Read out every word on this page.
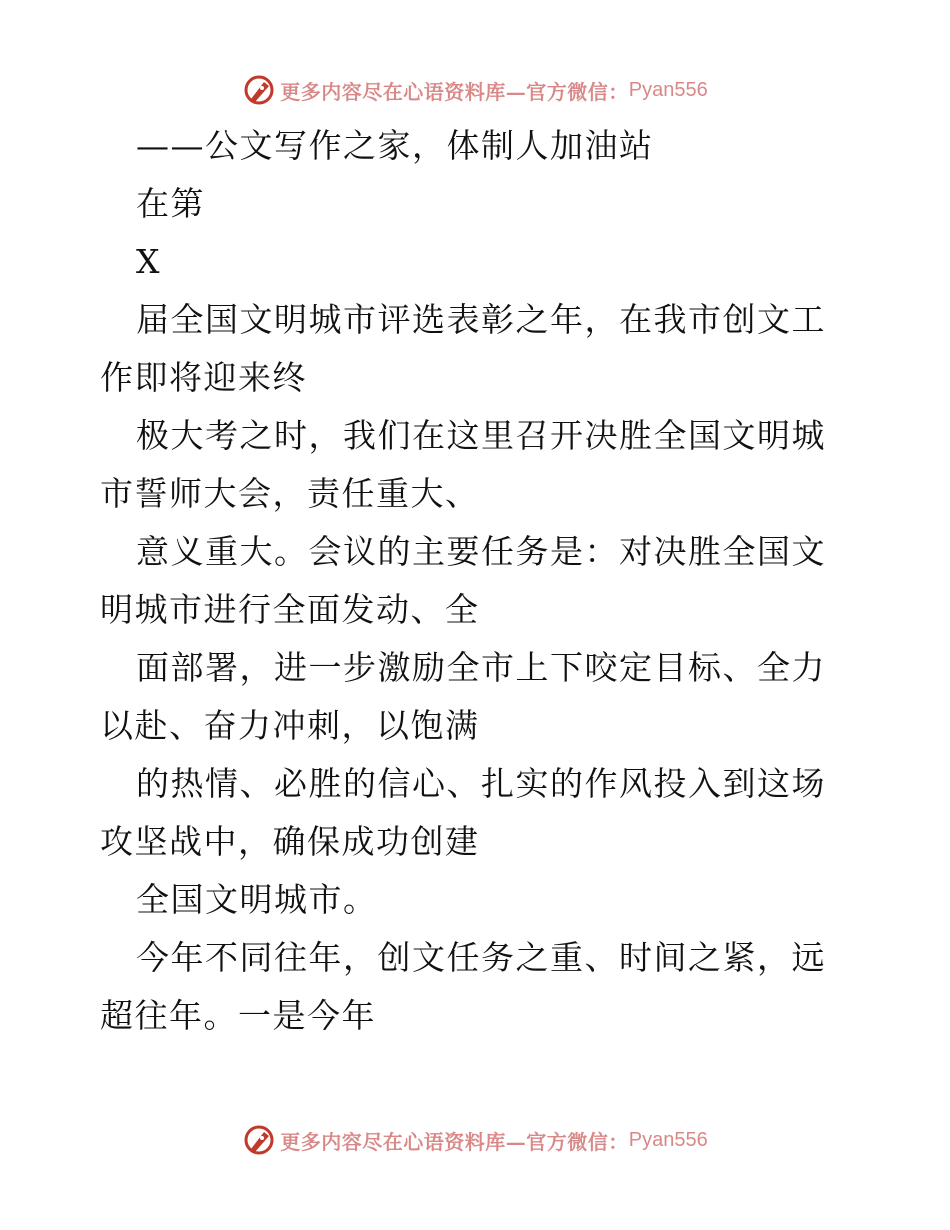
更多内容尽在心语资料库—官方微信： Pyan556

——公文写作之家，体制人加油站

在第

X

届全国文明城市评选表彰之年，在我市创文工作即将迎来终

极大考之时，我们在这里召开决胜全国文明城市誓师大会，责任重大、

意义重大。会议的主要任务是：对决胜全国文明城市进行全面发动、全

面部署，进一步激励全市上下咬定目标、全力以赴、奋力冲刺，以饱满

的热情、必胜的信心、扎实的作风投入到这场攻坚战中，确保成功创建

全国文明城市。

今年不同往年，创文任务之重、时间之紧，远超往年。一是今年

更多内容尽在心语资料库—官方微信： Pyan556
